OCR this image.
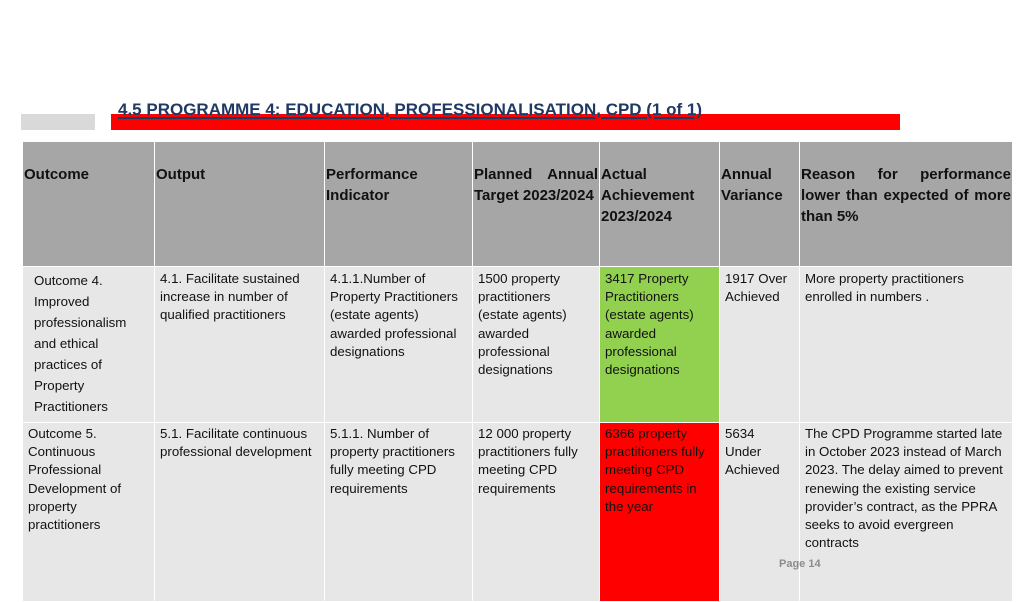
4.5 PROGRAMME 4: EDUCATION, PROFESSIONALISATION, CPD (1 of 1)
Outcome	Output	Performance Indicator	Planned Annual Target 2023/2024	Actual Achievement 2023/2024	Annual Variance	Reason for performance lower than expected of more than 5%
Outcome 4. Improved professionalism and ethical practices of Property Practitioners	4.1. Facilitate sustained increase in number of qualified practitioners	4.1.1.Number of Property Practitioners (estate agents) awarded professional designations	1500 property practitioners (estate agents) awarded professional designations	3417 Property Practitioners (estate agents) awarded professional designations	1917 Over Achieved	More property practitioners enrolled in numbers .
Outcome 5. Continuous Professional Development of property practitioners	5.1. Facilitate continuous professional development	5.1.1. Number of property practitioners fully meeting CPD requirements	12 000 property practitioners fully meeting CPD requirements	6366 property practitioners fully meeting CPD requirements in the year	5634 Under Achieved	The CPD Programme started late in October 2023 instead of March 2023. The delay aimed to prevent renewing the existing service provider’s contract, as the PPRA seeks to avoid evergreen contracts
Page 14
